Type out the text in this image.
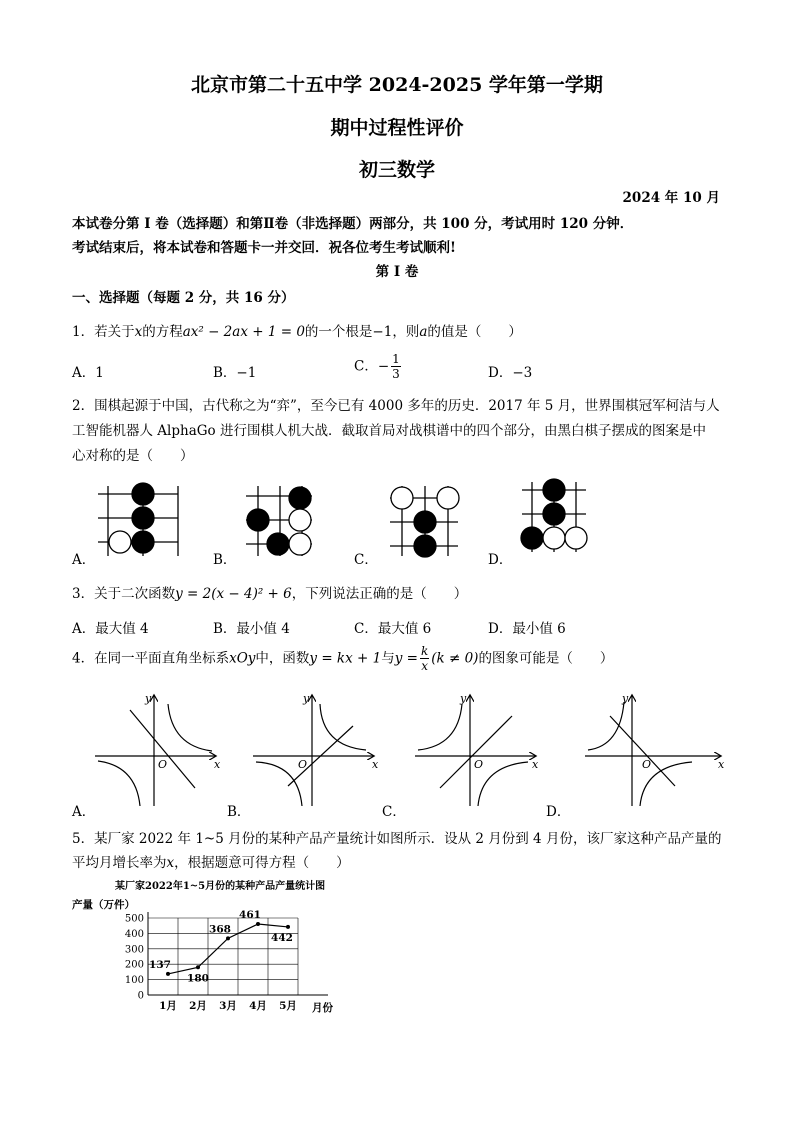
北京市第二十五中学 2024-2025 学年第一学期
期中过程性评价
初三数学
2024 年 10 月
本试卷分第 I 卷（选择题）和第Ⅱ卷（非选择题）两部分，共 100 分，考试用时 120 分钟．
考试结束后，将本试卷和答题卡一并交回．祝各位考生考试顺利!
第 I 卷
一、选择题（每题 2 分，共 16 分）
1．若关于x的方程ax² − 2ax + 1 = 0的一个根是−1，则a的值是（　　）
A．1	B．−1	C．− $\frac{1}{3}$	D．−3
2．围棋起源于中国，古代称之为“弈”，至今已有 4000 多年的历史．2017 年 5 月，世界围棋冠军柯洁与人
工智能机器人 AlphaGo 进行围棋人机大战．截取首局对战棋谱中的四个部分，由黑白棋子摆成的图案是中
心对称的是（　　）
A．	B．	C．	D．
3．关于二次函数y = 2(x − 4)² + 6，下列说法正确的是（　　）
A．最大值 4	B．最小值 4	C．最大值 6	D．最小值 6
4．在同一平面直角坐标系xOy中，函数y = kx + 1与$y = \frac{k}{x} (k \ne 0)$的图象可能是（　　）
x
y
O	x
y
O	x
y
O	x
y
O
A．	B．	C．	D．
5．某厂家 2022 年 1~5 月份的某种产品产量统计如图所示．设从 2 月份到 4 月份，该厂家这种产品产量的
平均月增长率为x，根据题意可得方程（　　）
某厂家2022年1~5月份的某种产品产量统计图
产量（万件）
月份
0
100
200
300
400
500
1月 2月 3月 4月 5月
137
180
368
461
442
